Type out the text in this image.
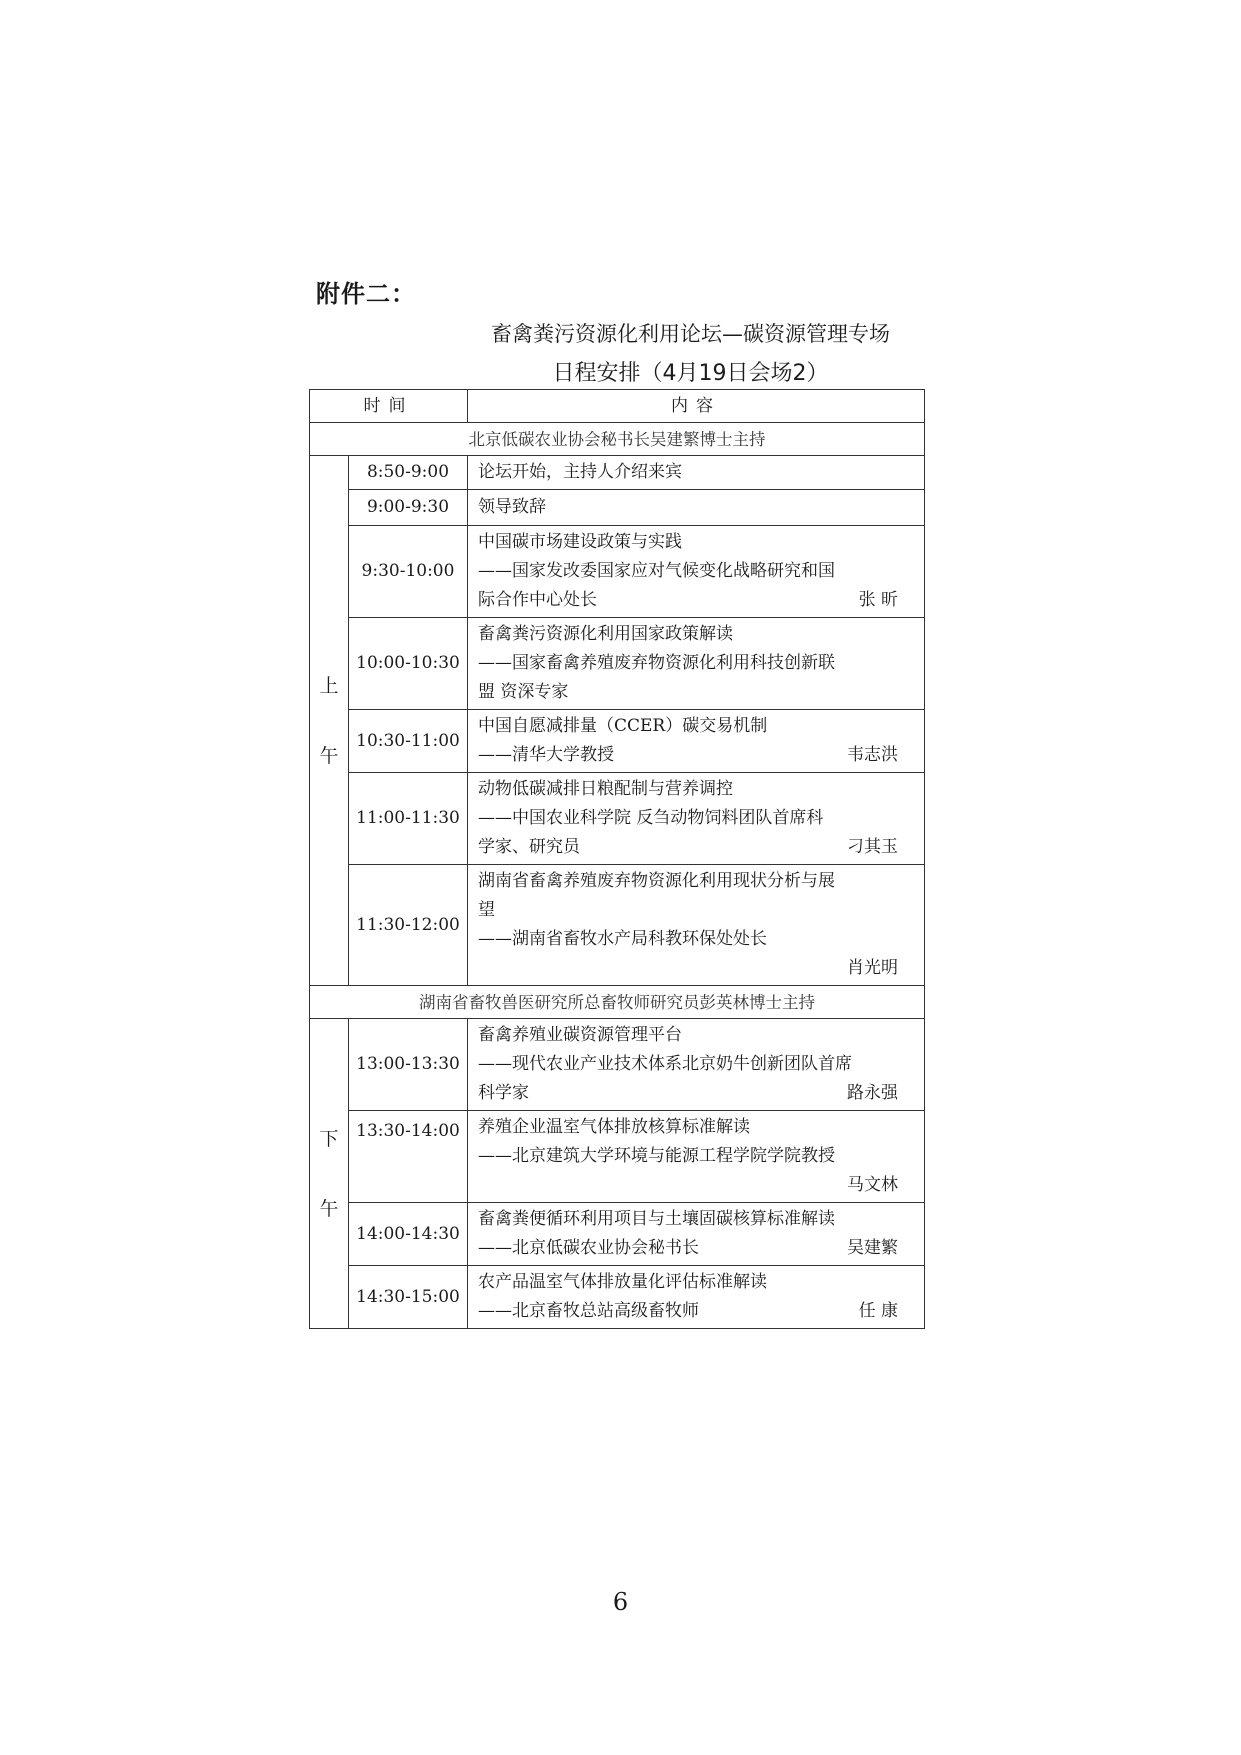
附件二：
畜禽粪污资源化利用论坛—碳资源管理专场
日程安排（4月19日会场2）
时间		内容
北京低碳农业协会秘书长吴建繁博士主持		

上
午	8:50-9:00	论坛开始，主持人介绍来宾

	9:00-9:30	领导致辞

	9:30-10:00	中国碳市场建设政策与实践
——国家发改委国家应对气候变化战略研究和国
际合作中心处长 张 昕

	10:00-10:30	畜禽粪污资源化利用国家政策解读
——国家畜禽养殖废弃物资源化利用科技创新联
盟 资深专家

	10:30-11:00	中国自愿减排量（CCER）碳交易机制
——清华大学教授 韦志洪

	11:00-11:30	动物低碳减排日粮配制与营养调控
——中国农业科学院 反刍动物饲料团队首席科
学家、研究员 刁其玉

	11:30-12:00	湖南省畜禽养殖废弃物资源化利用现状分析与展
望
——湖南省畜牧水产局科教环保处处长
肖光明

湖南省畜牧兽医研究所总畜牧师研究员彭英林博士主持		

下
午	13:00-13:30	畜禽养殖业碳资源管理平台
——现代农业产业技术体系北京奶牛创新团队首席
科学家 路永强

	13:30-14:00	养殖企业温室气体排放核算标准解读
——北京建筑大学环境与能源工程学院学院教授
马文林

	14:00-14:30	畜禽粪便循环利用项目与土壤固碳核算标准解读
——北京低碳农业协会秘书长 吴建繁

	14:30-15:00	农产品温室气体排放量化评估标准解读
——北京畜牧总站高级畜牧师 任 康
6
